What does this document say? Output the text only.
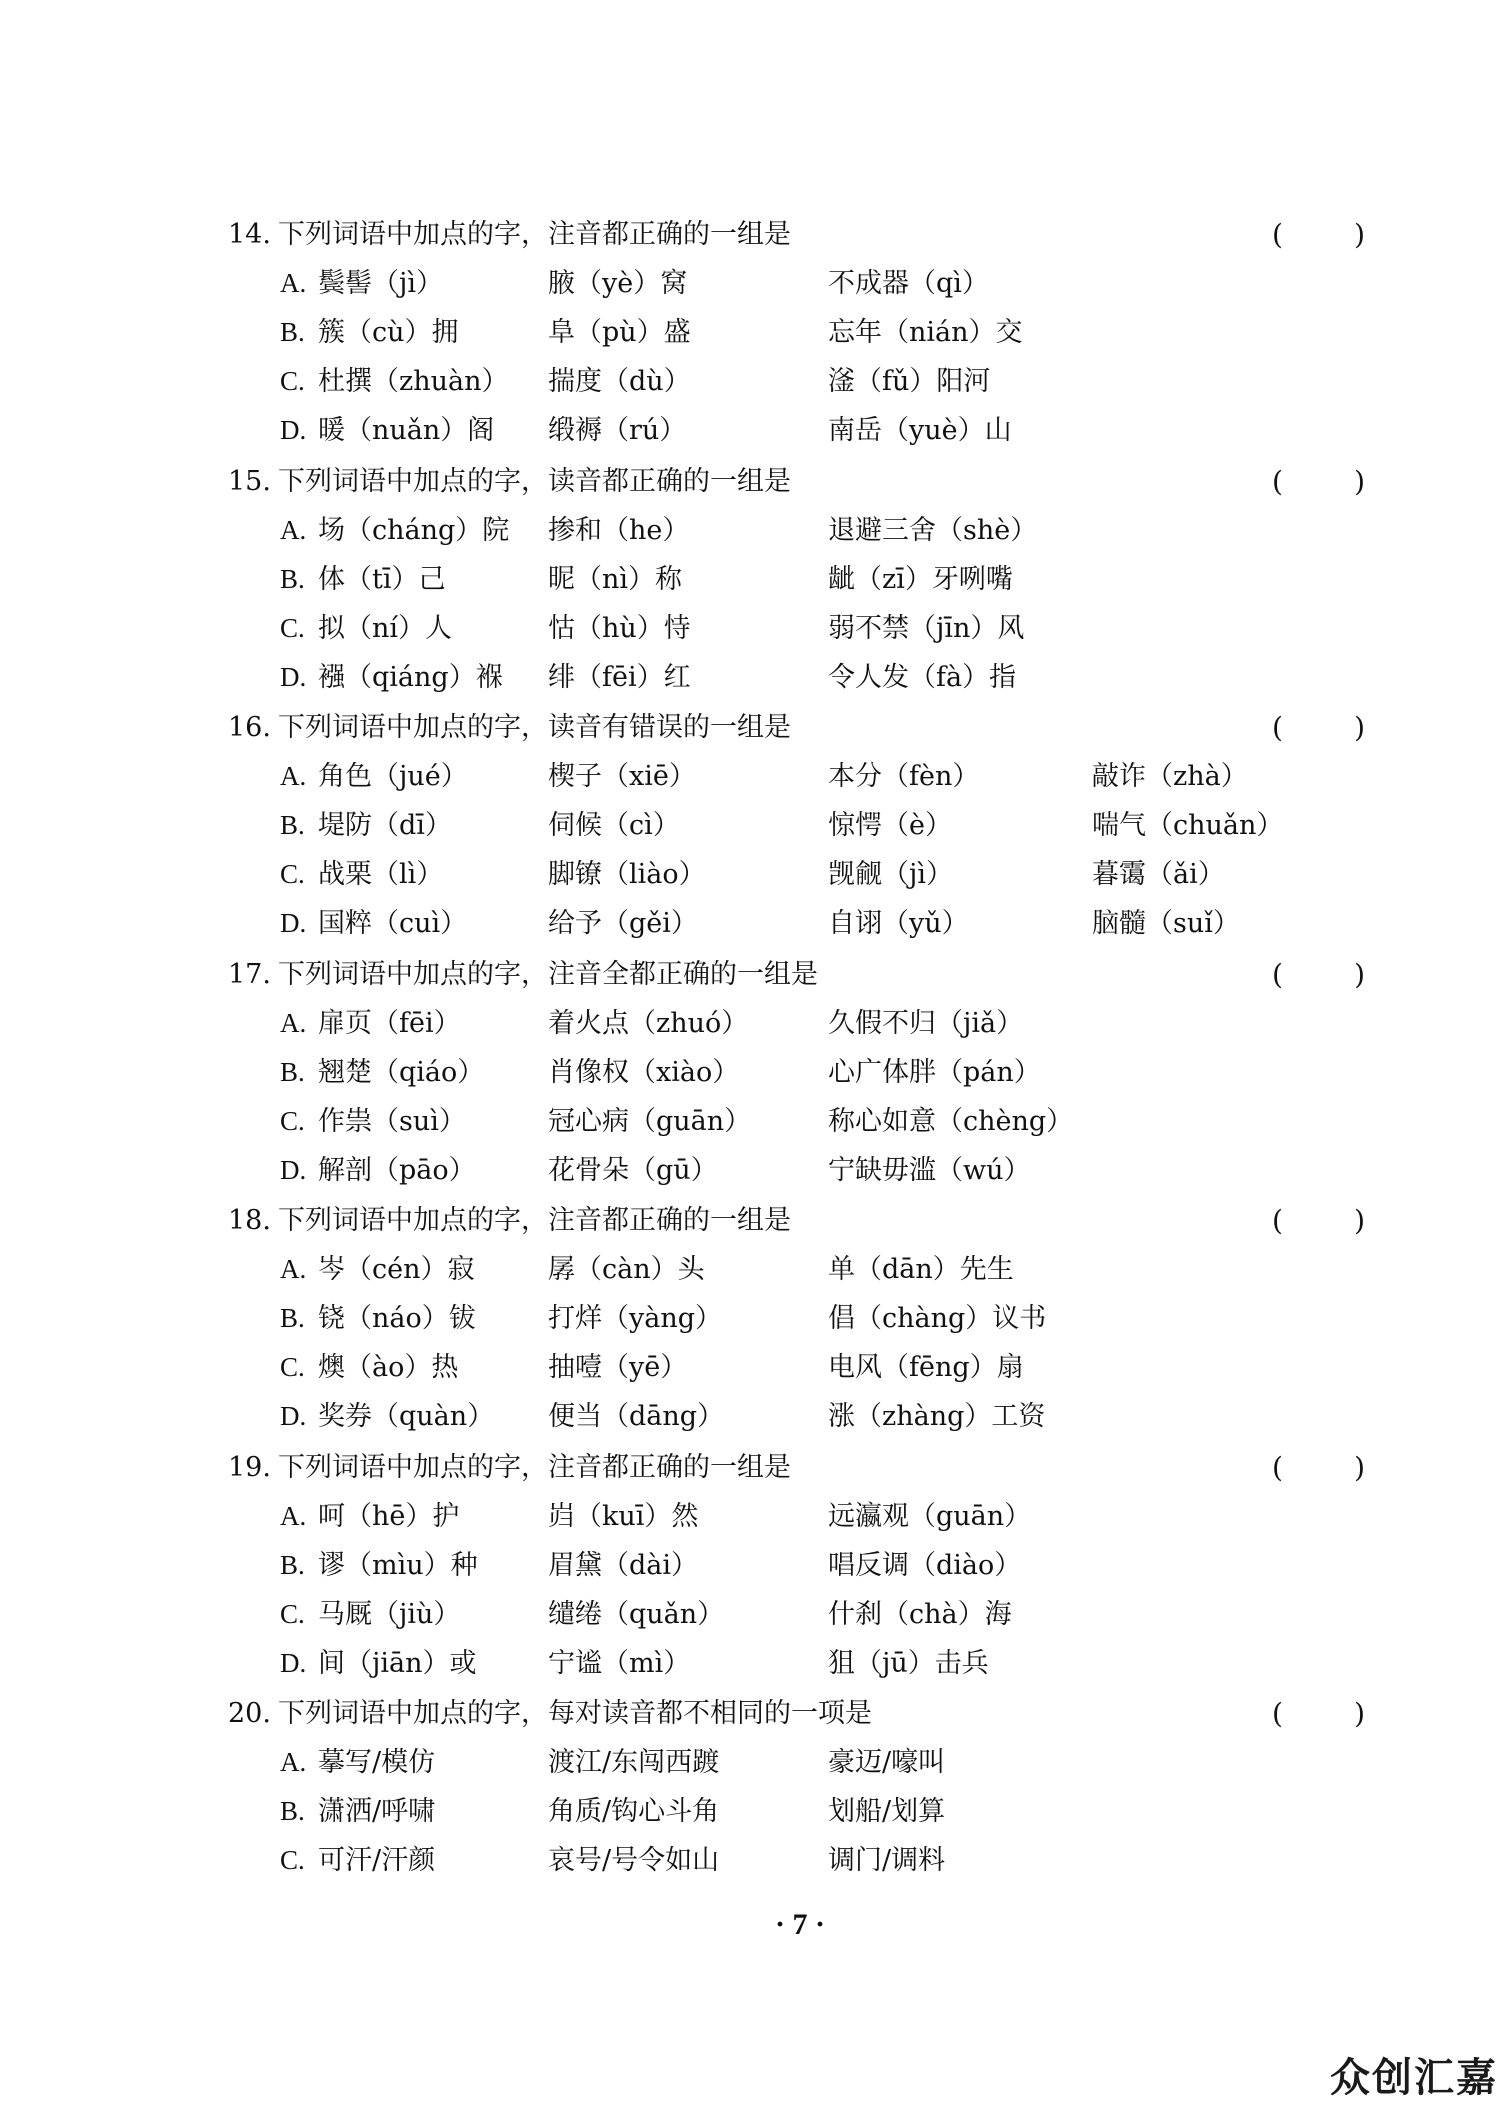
14. 下列词语中加点的字，注音都正确的一组是	(        )
A. 鬓髻（jì）	腋（yè）窝	不成器（qì）
B. 簇（cù）拥	阜（pù）盛	忘年（nián）交
C. 杜撰（zhuàn） 揣度（dù）	滏（fǔ）阳河
D. 暖（nuǎn）阁 缎褥（rú）	南岳（yuè）山
15. 下列词语中加点的字，读音都正确的一组是	(        )
A. 场（cháng）院 掺和（he）	退避三舍（shè）
B. 体（tī）己	昵（nì）称	龇（zī）牙咧嘴
C. 拟（ní）人	怙（hù）恃	弱不禁（jīn）风
D. 襁（qiáng）褓 绯（fēi）红	令人发（fà）指
16. 下列词语中加点的字，读音有错误的一组是	(        )
A. 角色（jué）	楔子（xiē）	本分（fèn）	敲诈（zhà）
B. 堤防（dī）	伺候（cì）	惊愕（è）	喘气（chuǎn）
C. 战栗（lì）	脚镣（liào）	觊觎（jì）	暮霭（ǎi）
D. 国粹（cuì）	给予（gěi）	自诩（yǔ）	脑髓（suǐ）
17. 下列词语中加点的字，注音全都正确的一组是	(        )
A. 扉页（fēi）	着火点（zhuó）	久假不归（jiǎ）
B. 翘楚（qiáo） 肖像权（xiào）	心广体胖（pán）
C. 作祟（suì）	冠心病（guān）	称心如意（chèng）
D. 解剖（pāo）	花骨朵（gū）	宁缺毋滥（wú）
18. 下列词语中加点的字，注音都正确的一组是	(        )
A. 岑（cén）寂	孱（càn）头	单（dān）先生
B. 铙（náo）钹	打烊（yàng）	倡（chàng）议书
C. 燠（ào）热	抽噎（yē）	电风（fēng）扇
D. 奖券（quàn） 便当（dāng）	涨（zhàng）工资
19. 下列词语中加点的字，注音都正确的一组是	(        )
A. 呵（hē）护	岿（kuī）然	远瀛观（guān）
B. 谬（mìu）种	眉黛（dài）	唱反调（diào）
C. 马厩（jiù）	缱绻（quǎn）	什刹（chà）海
D. 间（jiān）或	宁谧（mì）	狙（jū）击兵
20. 下列词语中加点的字，每对读音都不相同的一项是	(        )
A. 摹写/模仿	渡江/东闯西踱	豪迈/嚎叫
B. 潇洒/呼啸	角质/钩心斗角	划船/划算
C. 可汗/汗颜	哀号/号令如山	调门/调料
· 7 ·
众创汇嘉
